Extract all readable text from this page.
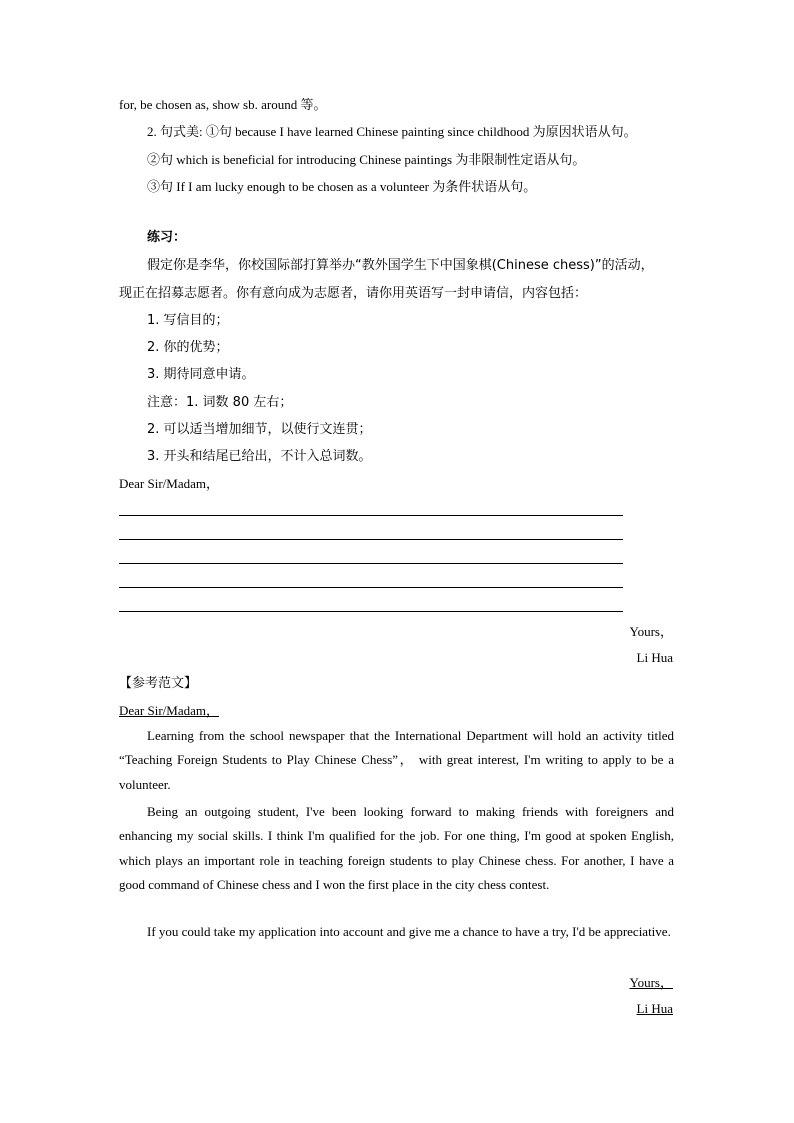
for, be chosen as, show sb. around 等。
2. 句式美: ①句 because I have learned Chinese painting since childhood 为原因状语从句。
②句 which is beneficial for introducing Chinese paintings 为非限制性定语从句。
③句 If I am lucky enough to be chosen as a volunteer 为条件状语从句。
练习：
假定你是李华，你校国际部打算举办“教外国学生下中国象棋(Chinese chess)”的活动，
现正在招募志愿者。你有意向成为志愿者，请你用英语写一封申请信，内容包括：
1. 写信目的；
2. 你的优势；
3. 期待同意申请。
注意：1. 词数 80 左右；
2. 可以适当增加细节，以使行文连贯；
3. 开头和结尾已给出，不计入总词数。
Dear Sir/Madam，
Yours，
Li Hua
【参考范文】
Dear Sir/Madam，
Learning from the school newspaper that the International Department will hold an activity titled “Teaching Foreign Students to Play Chinese Chess”， with great interest, I'm writing to apply to be a volunteer.
Being an outgoing student, I've been looking forward to making friends with foreigners and enhancing my social skills. I think I'm qualified for the job. For one thing, I'm good at spoken English, which plays an important role in teaching foreign students to play Chinese chess. For another, I have a good command of Chinese chess and I won the first place in the city chess contest.
If you could take my application into account and give me a chance to have a try, I'd be appreciative.
Yours，
Li Hua
